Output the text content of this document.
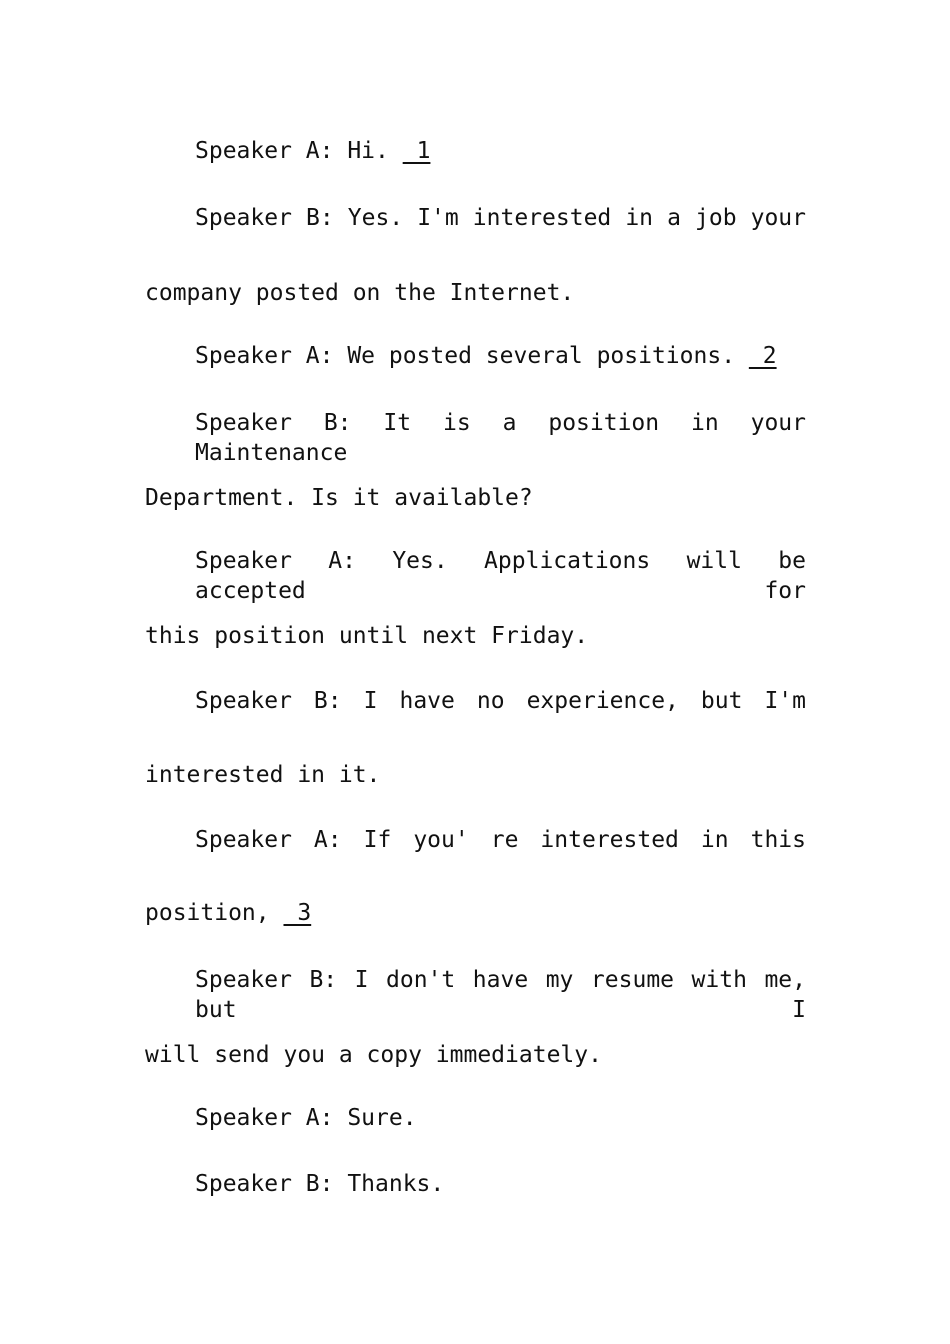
Speaker A: Hi. _1
Speaker B: Yes. I'm interested in a job your
company posted on the Internet.
Speaker A: We posted several positions. _2
Speaker B: It is a position in your Maintenance
Department. Is it available?
Speaker A: Yes. Applications will be accepted for
this position until next Friday.
Speaker B: I have no experience, but I'm
interested in it.
Speaker A: If you' re interested in this
position, _3
Speaker B: I don't have my resume with me, but I
will send you a copy immediately.
Speaker A: Sure.
Speaker B: Thanks.
